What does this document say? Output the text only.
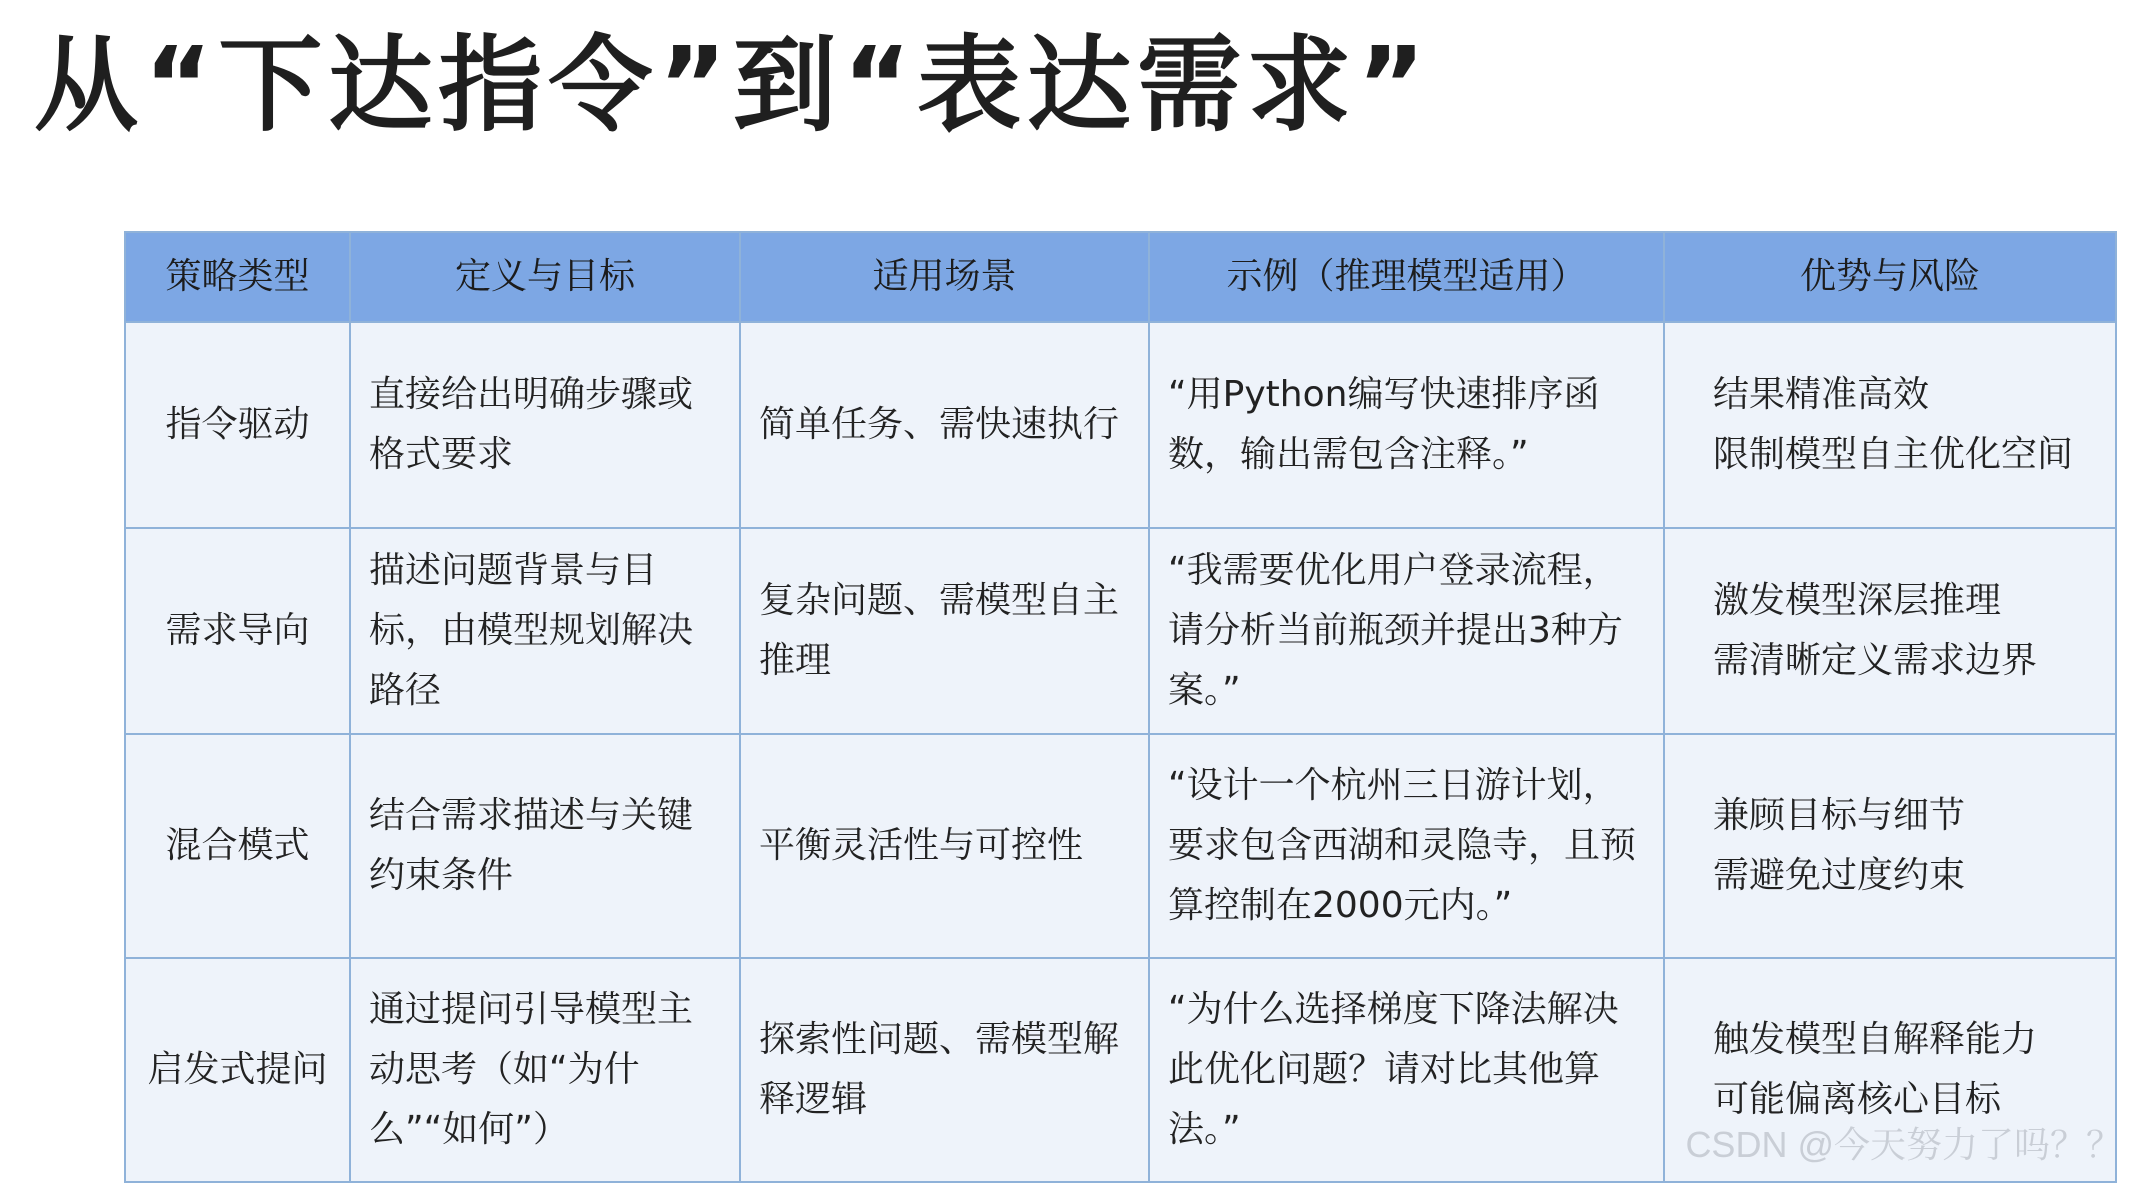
从“下达指令”到“表达需求”
策略类型	定义与目标	适用场景	示例（推理模型适用）	优势与风险
指令驱动	直接给出明确步骤或格式要求	简单任务、需快速执行	“用Python编写快速排序函数，输出需包含注释。”	结果精准高效
限制模型自主优化空间

需求导向	描述问题背景与目标，由模型规划解决路径	复杂问题、需模型自主推理	“我需要优化用户登录流程，请分析当前瓶颈并提出3种方案。”	激发模型深层推理
需清晰定义需求边界

混合模式	结合需求描述与关键约束条件	平衡灵活性与可控性	“设计一个杭州三日游计划，要求包含西湖和灵隐寺，且预算控制在2000元内。”	兼顾目标与细节
需避免过度约束

启发式提问	通过提问引导模型主动思考（如“为什么”“如何”）	探索性问题、需模型解释逻辑	“为什么选择梯度下降法解决此优化问题？请对比其他算法。”	触发模型自解释能力
可能偏离核心目标
CSDN @今天努力了吗？？
